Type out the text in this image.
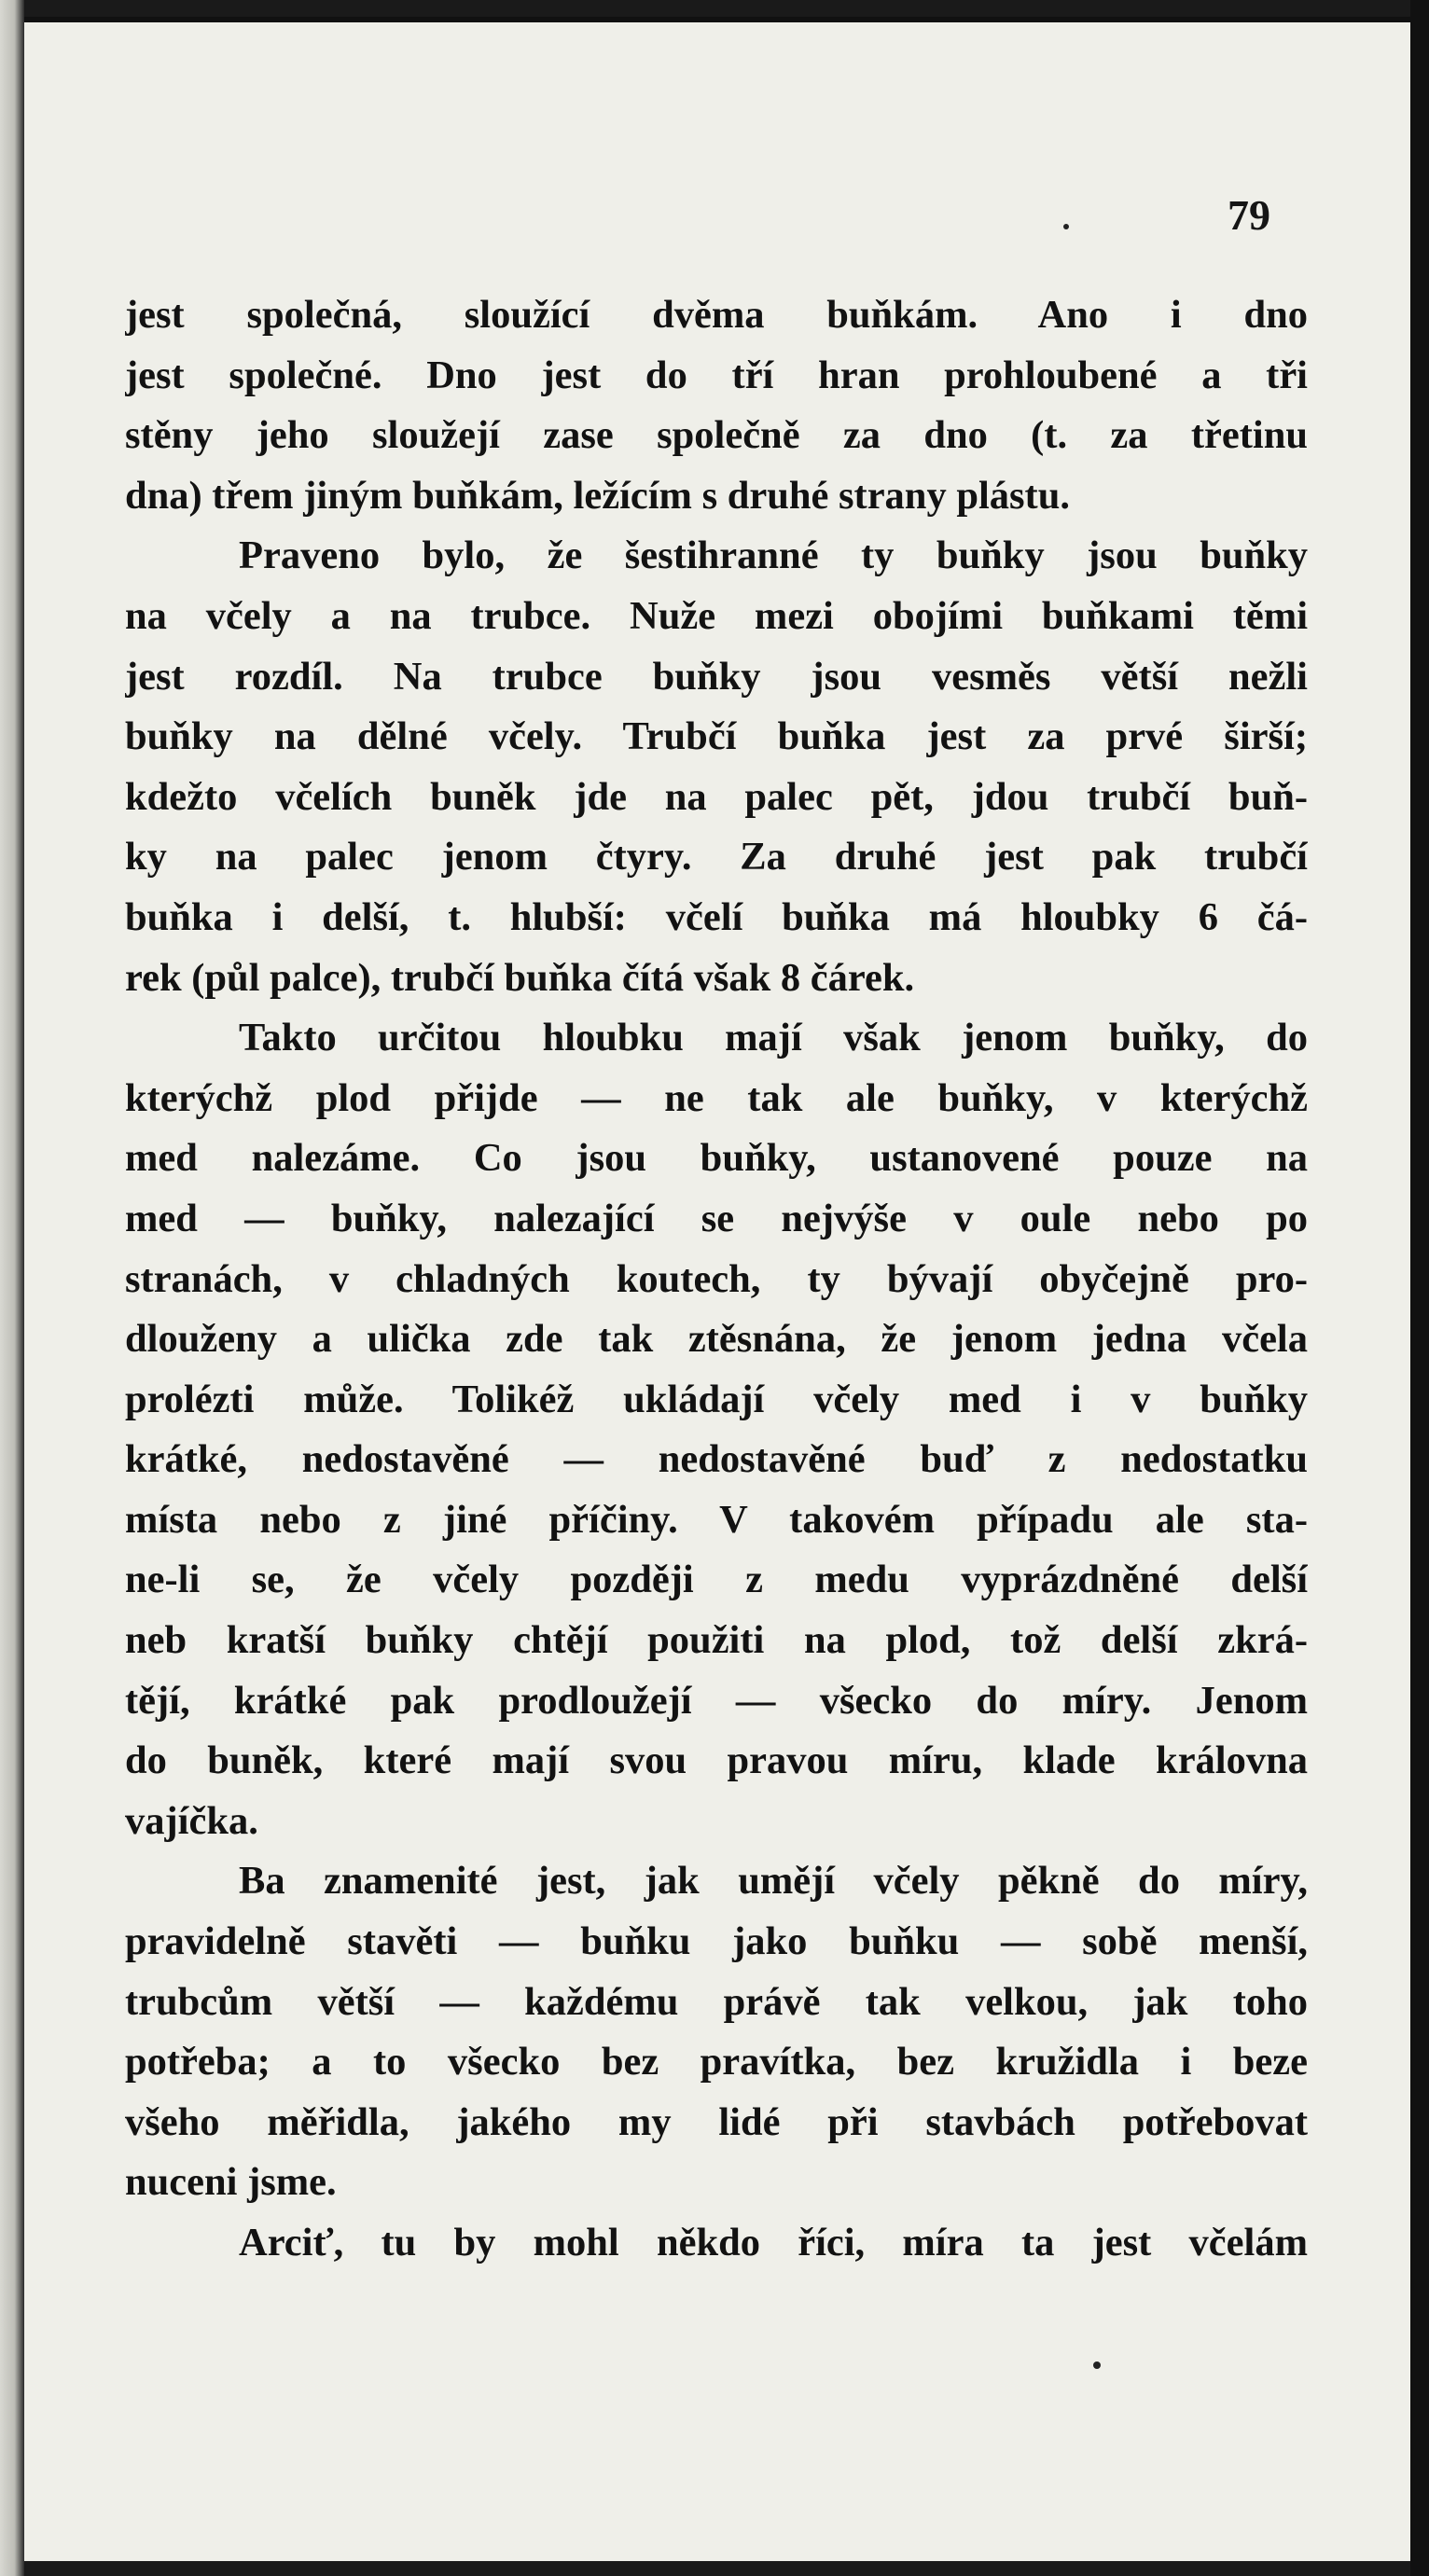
79
jest společná, sloužící dvěma buňkám. Ano i dno
jest společné. Dno jest do tří hran prohloubené a tři
stěny jeho sloužejí zase společně za dno (t. za třetinu
dna) třem jiným buňkám, ležícím s druhé strany plástu.
Praveno bylo, že šestihranné ty buňky jsou buňky
na včely a na trubce. Nuže mezi obojími buňkami těmi
jest rozdíl. Na trubce buňky jsou vesměs větší nežli
buňky na dělné včely. Trubčí buňka jest za prvé širší;
kdežto včelích buněk jde na palec pět, jdou trubčí buň-
ky na palec jenom čtyry. Za druhé jest pak trubčí
buňka i delší, t. hlubší: včelí buňka má hloubky 6 čá-
rek (půl palce), trubčí buňka čítá však 8 čárek.
Takto určitou hloubku mají však jenom buňky, do
kterýchž plod přijde — ne tak ale buňky, v kterýchž
med nalezáme. Co jsou buňky, ustanovené pouze na
med — buňky, nalezající se nejvýše v oule nebo po
stranách, v chladných koutech, ty bývají obyčejně pro-
dlouženy a ulička zde tak ztěsnána, že jenom jedna včela
prolézti může. Tolikéž ukládají včely med i v buňky
krátké, nedostavěné — nedostavěné buď z nedostatku
místa nebo z jiné příčiny. V takovém případu ale sta-
ne-li se, že včely později z medu vyprázdněné delší
neb kratší buňky chtějí použiti na plod, tož delší zkrá-
tějí, krátké pak prodloužejí — všecko do míry. Jenom
do buněk, které mají svou pravou míru, klade královna
vajíčka.
Ba znamenité jest, jak umějí včely pěkně do míry,
pravidelně stavěti — buňku jako buňku — sobě menší,
trubcům větší — každému právě tak velkou, jak toho
potřeba; a to všecko bez pravítka, bez kružidla i beze
všeho měřidla, jakého my lidé při stavbách potřebovat
nuceni jsme.
Arciť, tu by mohl někdo říci, míra ta jest včelám
